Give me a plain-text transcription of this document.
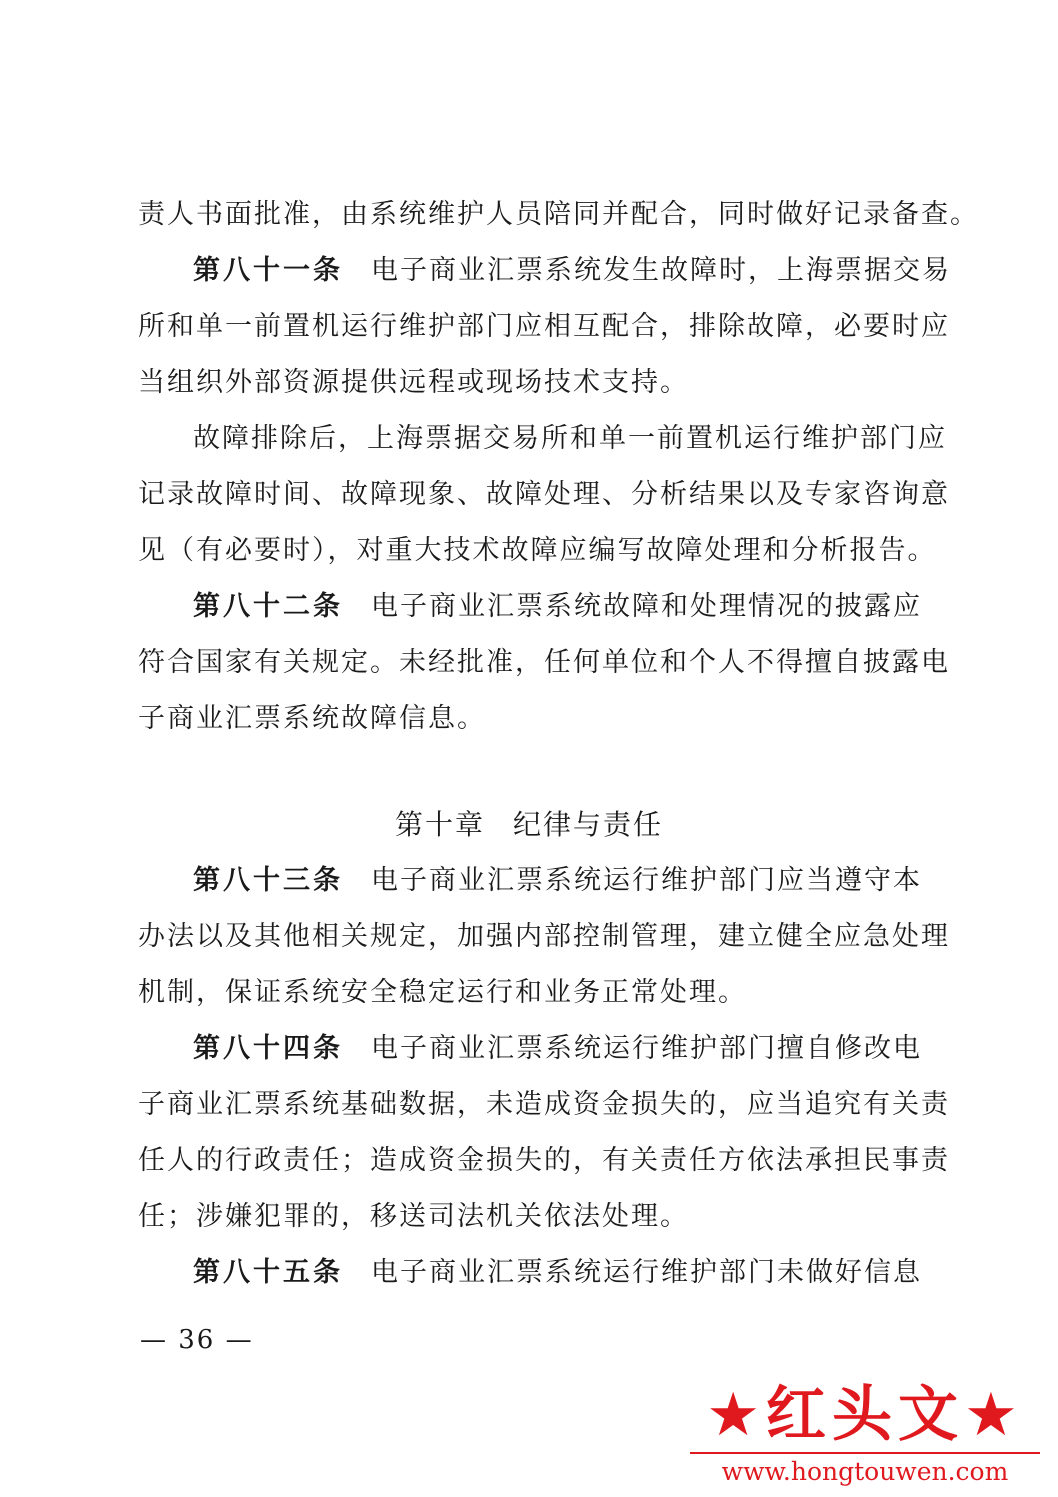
责人书面批准，由系统维护人员陪同并配合，同时做好记录备查。
第八十一条 电子商业汇票系统发生故障时，上海票据交易
所和单一前置机运行维护部门应相互配合，排除故障，必要时应
当组织外部资源提供远程或现场技术支持。
故障排除后，上海票据交易所和单一前置机运行维护部门应
记录故障时间、故障现象、故障处理、分析结果以及专家咨询意
见（有必要时），对重大技术故障应编写故障处理和分析报告。
第八十二条 电子商业汇票系统故障和处理情况的披露应
符合国家有关规定。未经批准，任何单位和个人不得擅自披露电
子商业汇票系统故障信息。
第十章 纪律与责任
第八十三条 电子商业汇票系统运行维护部门应当遵守本
办法以及其他相关规定，加强内部控制管理，建立健全应急处理
机制，保证系统安全稳定运行和业务正常处理。
第八十四条 电子商业汇票系统运行维护部门擅自修改电
子商业汇票系统基础数据，未造成资金损失的，应当追究有关责
任人的行政责任；造成资金损失的，有关责任方依法承担民事责
任；涉嫌犯罪的，移送司法机关依法处理。
第八十五条 电子商业汇票系统运行维护部门未做好信息
— 36 —
★红头文★
www.hongtouwen.com
